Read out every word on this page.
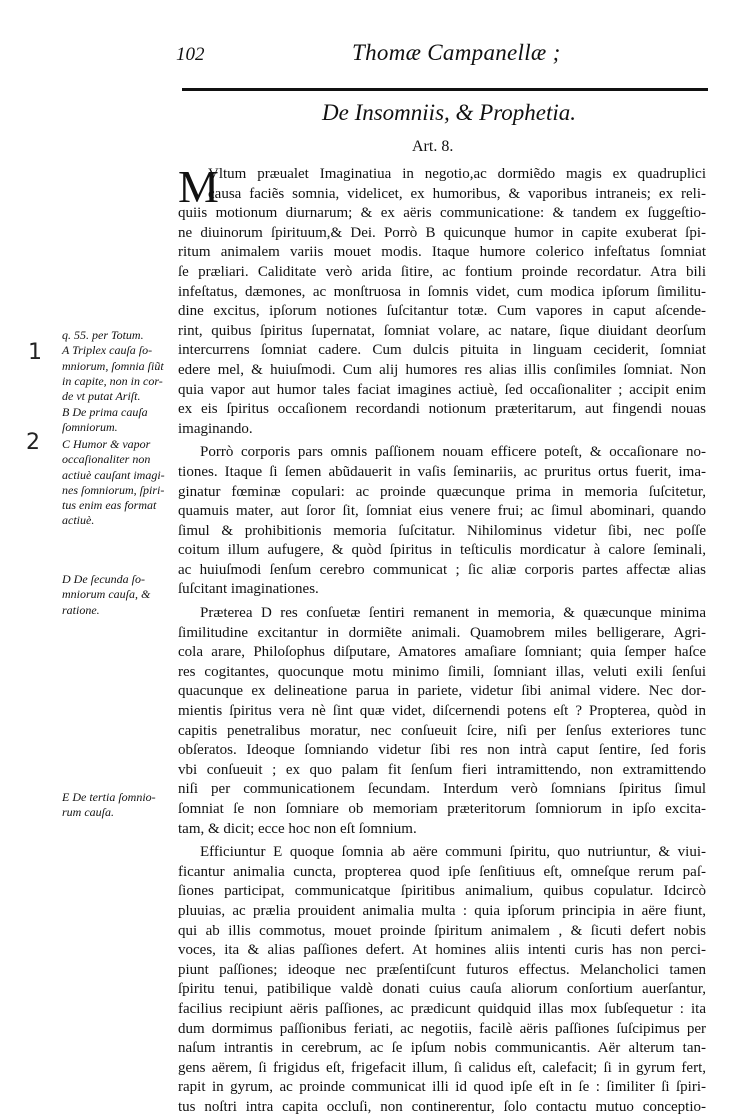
102	Thomæ Campanellæ ;
De Insomniis, & Prophetia.
Art. 8.
M
Vltum præualet Imaginatiua in negotio,ac dormiẽdo magis ex quadruplici
causa faciẽs somnia, videlicet, ex humoribus, & vaporibus intraneis; ex reli-
quiis motionum diurnarum; & ex aëris communicatione: & tandem ex ſuggeſtio-
ne diuinorum ſpirituum,& Dei. Porrò B quicunque humor in capite exuberat ſpi-
ritum animalem variis mouet modis. Itaque humore colerico infeſtatus ſomniat
ſe præliari. Caliditate verò arida ſitire, ac fontium proinde recordatur. Atra bili
infeſtatus, dæmones, ac monſtruosa in ſomnis videt, cum modica ipſorum ſimilitu-
dine excitus, ipſorum notiones ſuſcitantur totæ. Cum vapores in caput aſcende-
rint, quibus ſpiritus ſupernatat, ſomniat volare, ac natare, ſique diuidant deorſum
intercurrens ſomniat cadere. Cum dulcis pituita in linguam ceciderit, ſomniat
edere mel, & huiuſmodi. Cum alij humores res alias illis conſimiles ſomniat. Non
quia vapor aut humor tales faciat imagines actiuè, ſed occaſionaliter ; accipit enim
ex eis ſpiritus occaſionem recordandi notionum præteritarum, aut fingendi nouas
imaginando.
Porrò corporis pars omnis paſſionem nouam efficere poteſt, & occaſionare no-
tiones. Itaque ſi ſemen abũdauerit in vaſis ſeminariis, ac pruritus ortus fuerit, ima-
ginatur fœminæ copulari: ac proinde quæcunque prima in memoria ſuſcitetur,
quamuis mater, aut ſoror ſit, ſomniat eius venere frui; ac ſimul abominari, quando
ſimul & prohibitionis memoria ſuſcitatur. Nihilominus videtur ſibi, nec poſſe
coitum illum aufugere, & quòd ſpiritus in teſticulis mordicatur à calore ſeminali,
ac huiuſmodi ſenſum cerebro communicat ; ſic aliæ corporis partes affectæ alias
ſuſcitant imaginationes.
Præterea D res conſuetæ ſentiri remanent in memoria, & quæcunque minima
ſimilitudine excitantur in dormiẽte animali. Quamobrem miles belligerare, Agri-
cola arare, Philoſophus diſputare, Amatores amaſiare ſomniant; quia ſemper haſce
res cogitantes, quocunque motu minimo ſimili, ſomniant illas, veluti exili ſenſui
quacunque ex delineatione parua in pariete, videtur ſibi animal videre. Nec dor-
mientis ſpiritus vera nè ſint quæ videt, diſcernendi potens eſt ? Propterea, quòd in
capitis penetralibus moratur, nec conſueuit ſcire, niſi per ſenſus exteriores tunc
obſeratos. Ideoque ſomniando videtur ſibi res non intrà caput ſentire, ſed foris
vbi conſueuit ; ex quo palam fit ſenſum fieri intramittendo, non extramittendo
niſi per communicationem ſecundam. Interdum verò ſomnians ſpiritus ſimul
ſomniat ſe non ſomniare ob memoriam præteritorum ſomniorum in ipſo excita-
tam, & dicit; ecce hoc non eſt ſomnium.
Efficiuntur E quoque ſomnia ab aëre communi ſpiritu, quo nutriuntur, & viui-
ficantur animalia cuncta, propterea quod ipſe ſenſitiuus eſt, omneſque rerum paſ-
ſiones participat, communicatque ſpiritibus animalium, quibus copulatur. Idcircò
pluuias, ac prælia prouident animalia multa : quia ipſorum principia in aëre fiunt,
qui ab illis commotus, mouet proinde ſpiritum animalem , & ſicuti defert nobis
voces, ita & alias paſſiones defert. At homines aliis intenti curis has non perci-
piunt paſſiones; ideoque nec præſentiſcunt futuros effectus. Melancholici tamen
ſpiritu tenui, patibilique valdè donati cuius cauſa aliorum conſortium auerſantur,
facilius recipiunt aëris paſſiones, ac prædicunt quidquid illas mox ſubſequetur : ita
dum dormimus paſſionibus feriati, ac negotiis, facilè aëris paſſiones ſuſcipimus per
naſum intrantis in cerebrum, ac ſe ipſum nobis communicantis. Aër alterum tan-
gens aërem, ſi frigidus eſt, frigefacit illum, ſi calidus eſt, calefacit; ſi in gyrum fert,
rapit in gyrum, ac proinde communicat illi id quod ipſe eſt in ſe : ſimiliter ſi ſpiri-
tus noſtri intra capita occluſi, non continerentur, ſolo contactu mutuo conceptio-
q. 55. per Totum.
A Triplex cauſa ſo-
mniorum, ſomnia ſiũt
in capite, non in cor-
de vt putat Ariſt.
B De prima cauſa
ſomniorum.
C Humor & vapor
occaſionaliter non
actiuè cauſant imagi-
nes ſomniorum, ſpiri-
tus enim eas format
actiuè.
D De ſecunda ſo-
mniorum cauſa, &
ratione.
E De tertia ſomnio-
rum cauſa.
1
2
